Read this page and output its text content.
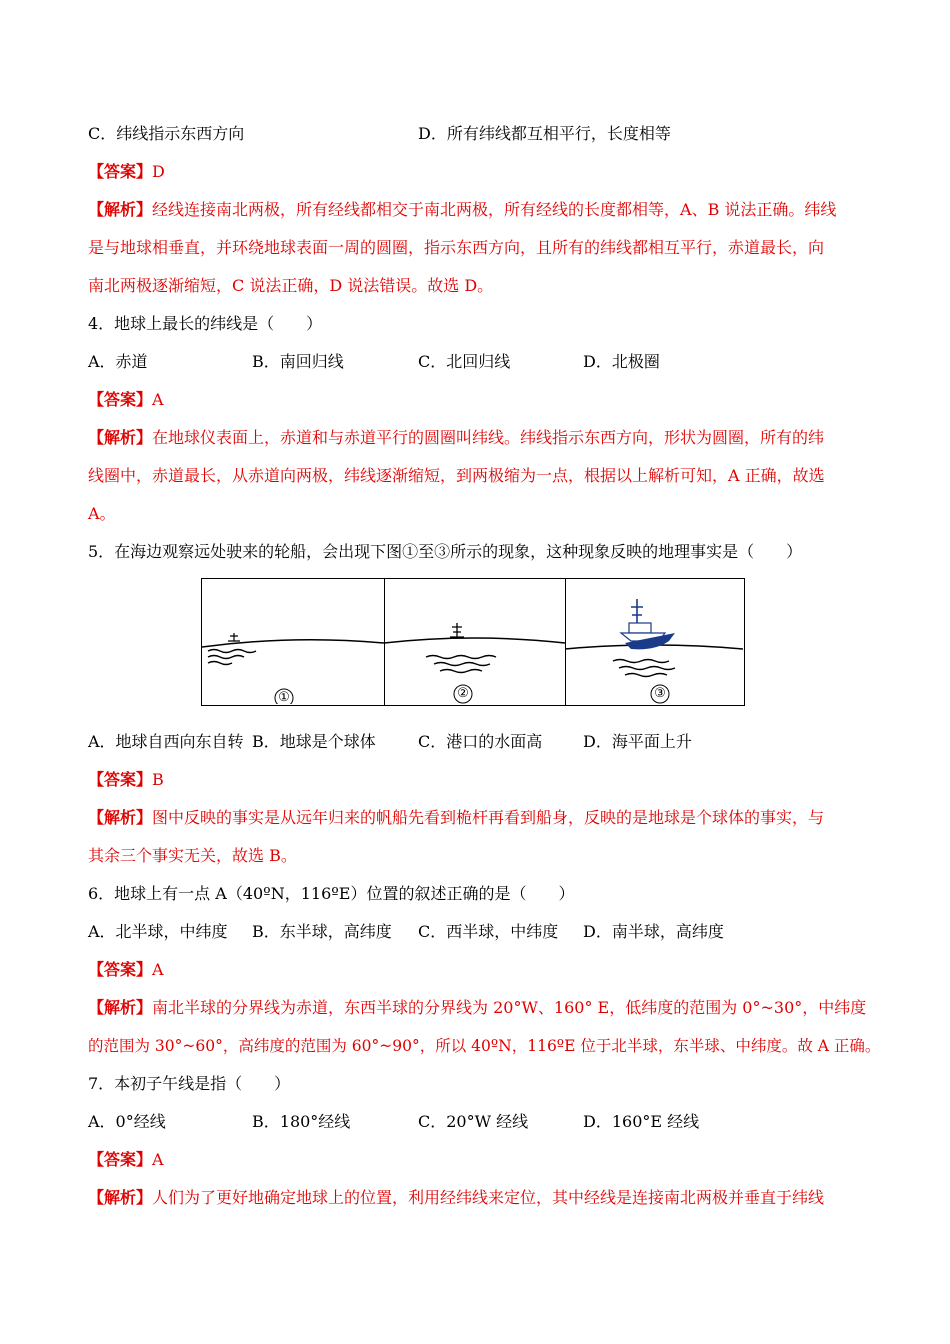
C．纬线指示东西方向	D．所有纬线都互相平行，长度相等
【答案】D
【解析】经线连接南北两极，所有经线都相交于南北两极，所有经线的长度都相等，A、B 说法正确。纬线
是与地球相垂直，并环绕地球表面一周的圆圈，指示东西方向，且所有的纬线都相互平行，赤道最长，向
南北两极逐渐缩短，C 说法正确，D 说法错误。故选 D。
4．地球上最长的纬线是（　　）
A．赤道	B．南回归线	C．北回归线	D．北极圈
【答案】A
【解析】在地球仪表面上，赤道和与赤道平行的圆圈叫纬线。纬线指示东西方向，形状为圆圈，所有的纬
线圈中，赤道最长，从赤道向两极，纬线逐渐缩短，到两极缩为一点，根据以上解析可知，A 正确，故选
A。
5．在海边观察远处驶来的轮船，会出现下图①至③所示的现象，这种现象反映的地理事实是（　　）
①	②	③
A．地球自西向东自转 B．地球是个球体	C．港口的水面高	D．海平面上升
【答案】B
【解析】图中反映的事实是从远年归来的帆船先看到桅杆再看到船身，反映的是地球是个球体的事实，与
其余三个事实无关，故选 B。
6．地球上有一点 A（40ºN，116ºE）位置的叙述正确的是（　　）
A．北半球，中纬度 B．东半球，高纬度 C．西半球，中纬度 D．南半球，高纬度
【答案】A
【解析】南北半球的分界线为赤道，东西半球的分界线为 20°W、160° E，低纬度的范围为 0°~30°，中纬度
的范围为 30°~60°，高纬度的范围为 60°~90°，所以 40ºN，116ºE 位于北半球，东半球、中纬度。故 A 正确。
7．本初子午线是指（　　）
A．0°经线	B．180°经线	C．20°W 经线	D．160°E 经线
【答案】A
【解析】人们为了更好地确定地球上的位置，利用经纬线来定位，其中经线是连接南北两极并垂直于纬线
